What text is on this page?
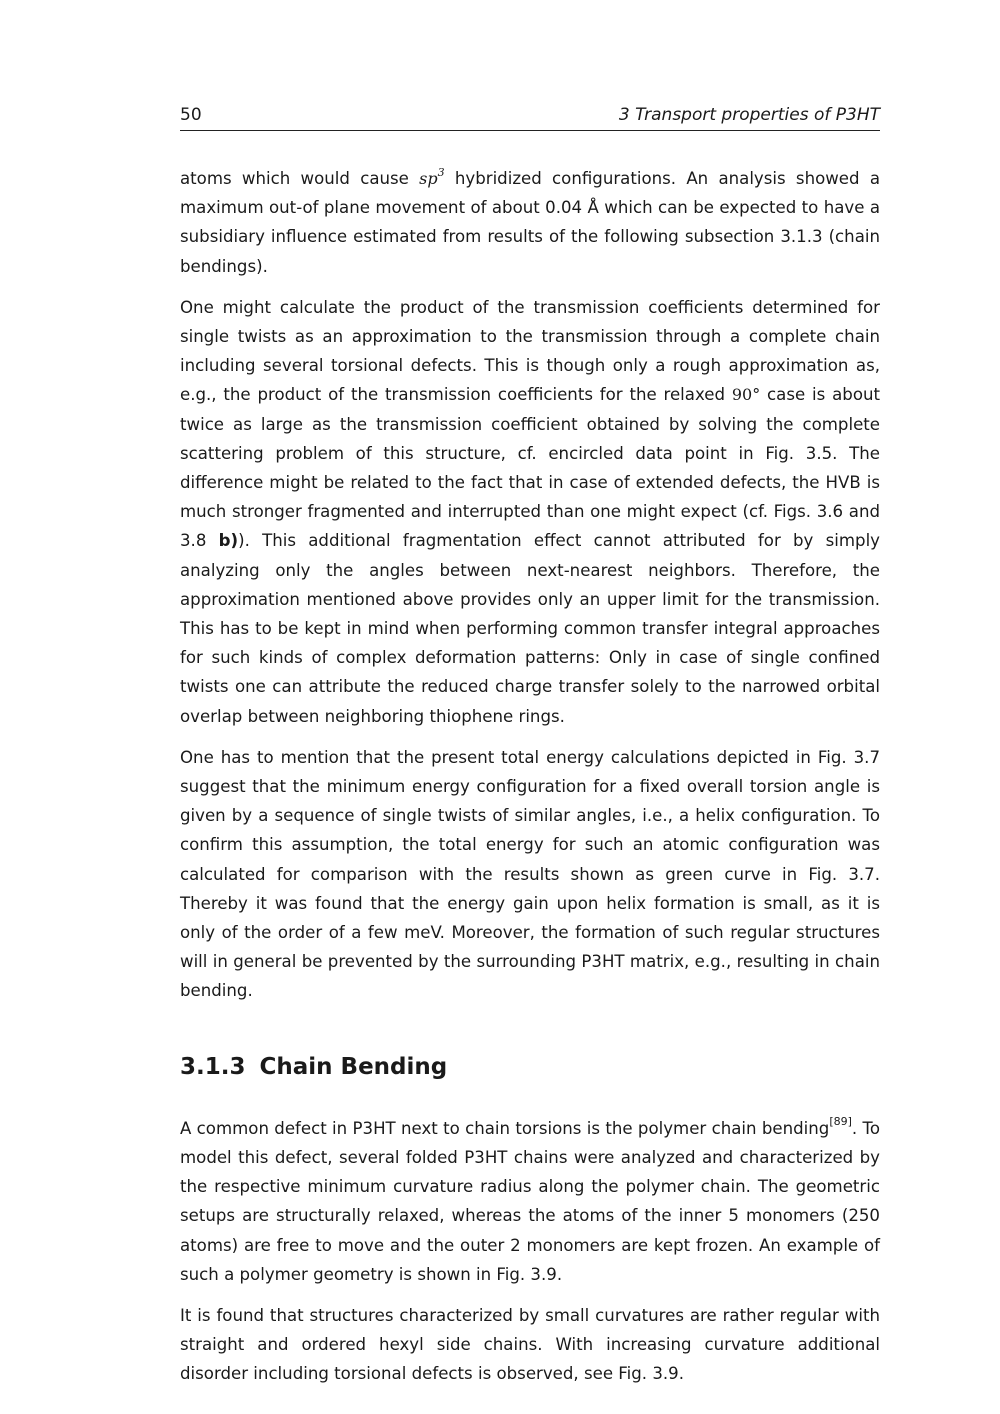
50	3 Transport properties of P3HT

atoms which would cause $sp^3$ hybridized configurations. An analysis showed a maximum out-of plane movement of about 0.04 Å which can be expected to have a subsidiary influence estimated from results of the following subsection 3.1.3 (chain bendings).

One might calculate the product of the transmission coefficients determined for single twists as an approximation to the transmission through a complete chain including several torsional defects. This is though only a rough approximation as, e.g., the product of the transmission coefficients for the relaxed 90° case is about twice as large as the transmission coefficient obtained by solving the complete scattering problem of this structure, cf. encircled data point in Fig. 3.5. The difference might be related to the fact that in case of extended defects, the HVB is much stronger fragmented and interrupted than one might expect (cf. Figs. 3.6 and 3.8 b)). This additional fragmentation effect cannot attributed for by simply analyzing only the angles between next-nearest neighbors. Therefore, the approximation mentioned above provides only an upper limit for the transmission. This has to be kept in mind when performing common transfer integral approaches for such kinds of complex deformation patterns: Only in case of single confined twists one can attribute the reduced charge transfer solely to the narrowed orbital overlap between neighboring thiophene rings.

One has to mention that the present total energy calculations depicted in Fig. 3.7 suggest that the minimum energy configuration for a fixed overall torsion angle is given by a sequence of single twists of similar angles, i.e., a helix configuration. To confirm this assumption, the total energy for such an atomic configuration was calculated for comparison with the results shown as green curve in Fig. 3.7. Thereby it was found that the energy gain upon helix formation is small, as it is only of the order of a few meV. Moreover, the formation of such regular structures will in general be prevented by the surrounding P3HT matrix, e.g., resulting in chain bending.

3.1.3 Chain Bending

A common defect in P3HT next to chain torsions is the polymer chain bending[89]. To model this defect, several folded P3HT chains were analyzed and characterized by the respective minimum curvature radius along the polymer chain. The geometric setups are structurally relaxed, whereas the atoms of the inner 5 monomers (250 atoms) are free to move and the outer 2 monomers are kept frozen. An example of such a polymer geometry is shown in Fig. 3.9.

It is found that structures characterized by small curvatures are rather regular with straight and ordered hexyl side chains. With increasing curvature additional disorder including torsional defects is observed, see Fig. 3.9.
